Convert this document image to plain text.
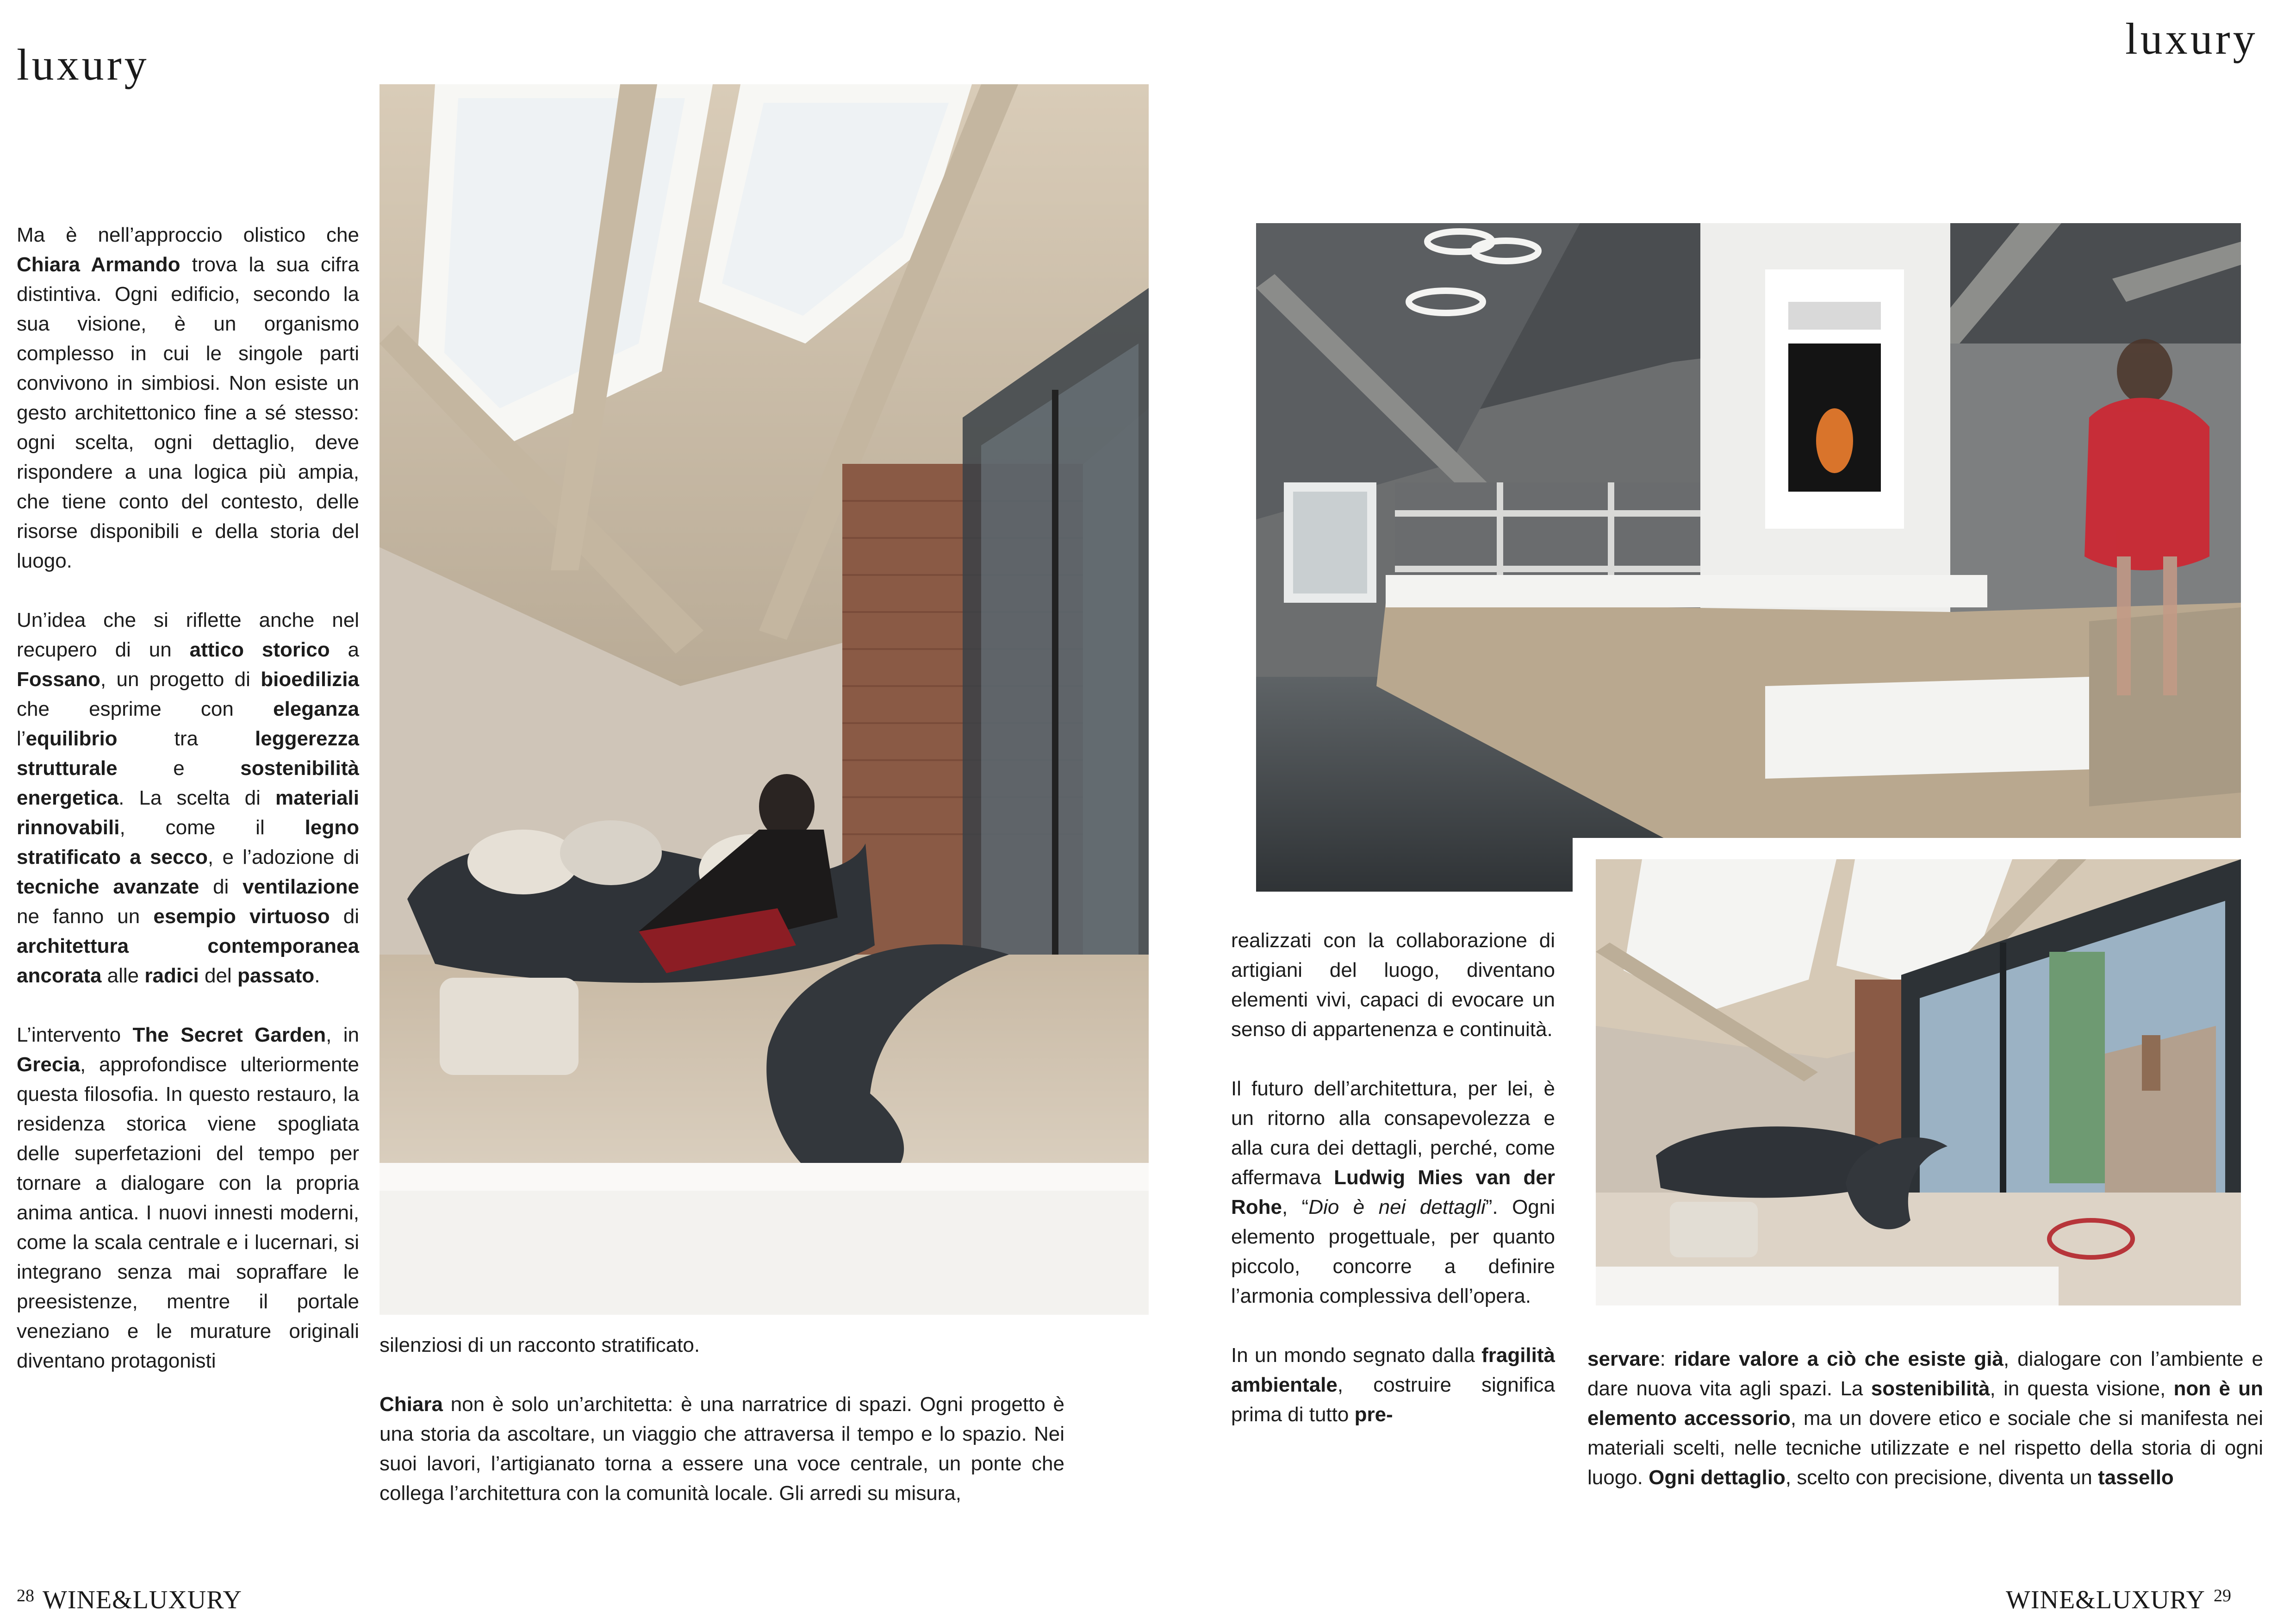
luxury

Ma è nell’approccio olistico che Chiara Armando trova la sua cifra distintiva. Ogni edificio, secondo la sua visione, è un organismo complesso in cui le singole parti convivono in simbiosi. Non esiste un gesto architettonico fine a sé stesso: ogni scelta, ogni dettaglio, deve rispondere a una logica più ampia, che tiene conto del contesto, delle risorse disponibili e della storia del luogo.

Un’idea che si riflette anche nel recupero di un attico storico a Fossano, un progetto di bioedilizia che esprime con eleganza l’equilibrio tra leggerezza strutturale e sostenibilità energetica. La scelta di materiali rinnovabili, come il legno stratificato a secco, e l’adozione di tecniche avanzate di ventilazione ne fanno un esempio virtuoso di architettura contemporanea ancorata alle radici del passato.

L’intervento The Secret Garden, in Grecia, approfondisce ulteriormente questa filosofia. In questo restauro, la residenza storica viene spogliata delle superfetazioni del tempo per tornare a dialogare con la propria anima antica. I nuovi innesti moderni, come la scala centrale e i lucernari, si integrano senza mai sopraffare le preesistenze, mentre il portale veneziano e le murature originali diventano protagonisti

silenziosi di un racconto stratificato.

Chiara non è solo un’architetta: è una narratrice di spazi. Ogni progetto è una storia da ascoltare, un viaggio che attraversa il tempo e lo spazio. Nei suoi lavori, l’artigianato torna a essere una voce centrale, un ponte che collega l’architettura con la comunità locale. Gli arredi su misura,

28 WINE&LUXURY
luxury

realizzati con la collaborazione di artigiani del luogo, diventano elementi vivi, capaci di evocare un senso di appartenenza e continuità.

Il futuro dell’architettura, per lei, è un ritorno alla consapevolezza e alla cura dei dettagli, perché, come affermava Ludwig Mies van der Rohe, “Dio è nei dettagli”. Ogni elemento progettuale, per quanto piccolo, concorre a definire l’armonia complessiva dell’opera.

In un mondo segnato dalla fragilità ambientale, costruire significa prima di tutto pre-

servare: ridare valore a ciò che esiste già, dialogare con l’ambiente e dare nuova vita agli spazi. La sostenibilità, in questa visione, non è un elemento accessorio, ma un dovere etico e sociale che si manifesta nei materiali scelti, nelle tecniche utilizzate e nel rispetto della storia di ogni luogo. Ogni dettaglio, scelto con precisione, diventa un tassello

WINE&LUXURY 29
